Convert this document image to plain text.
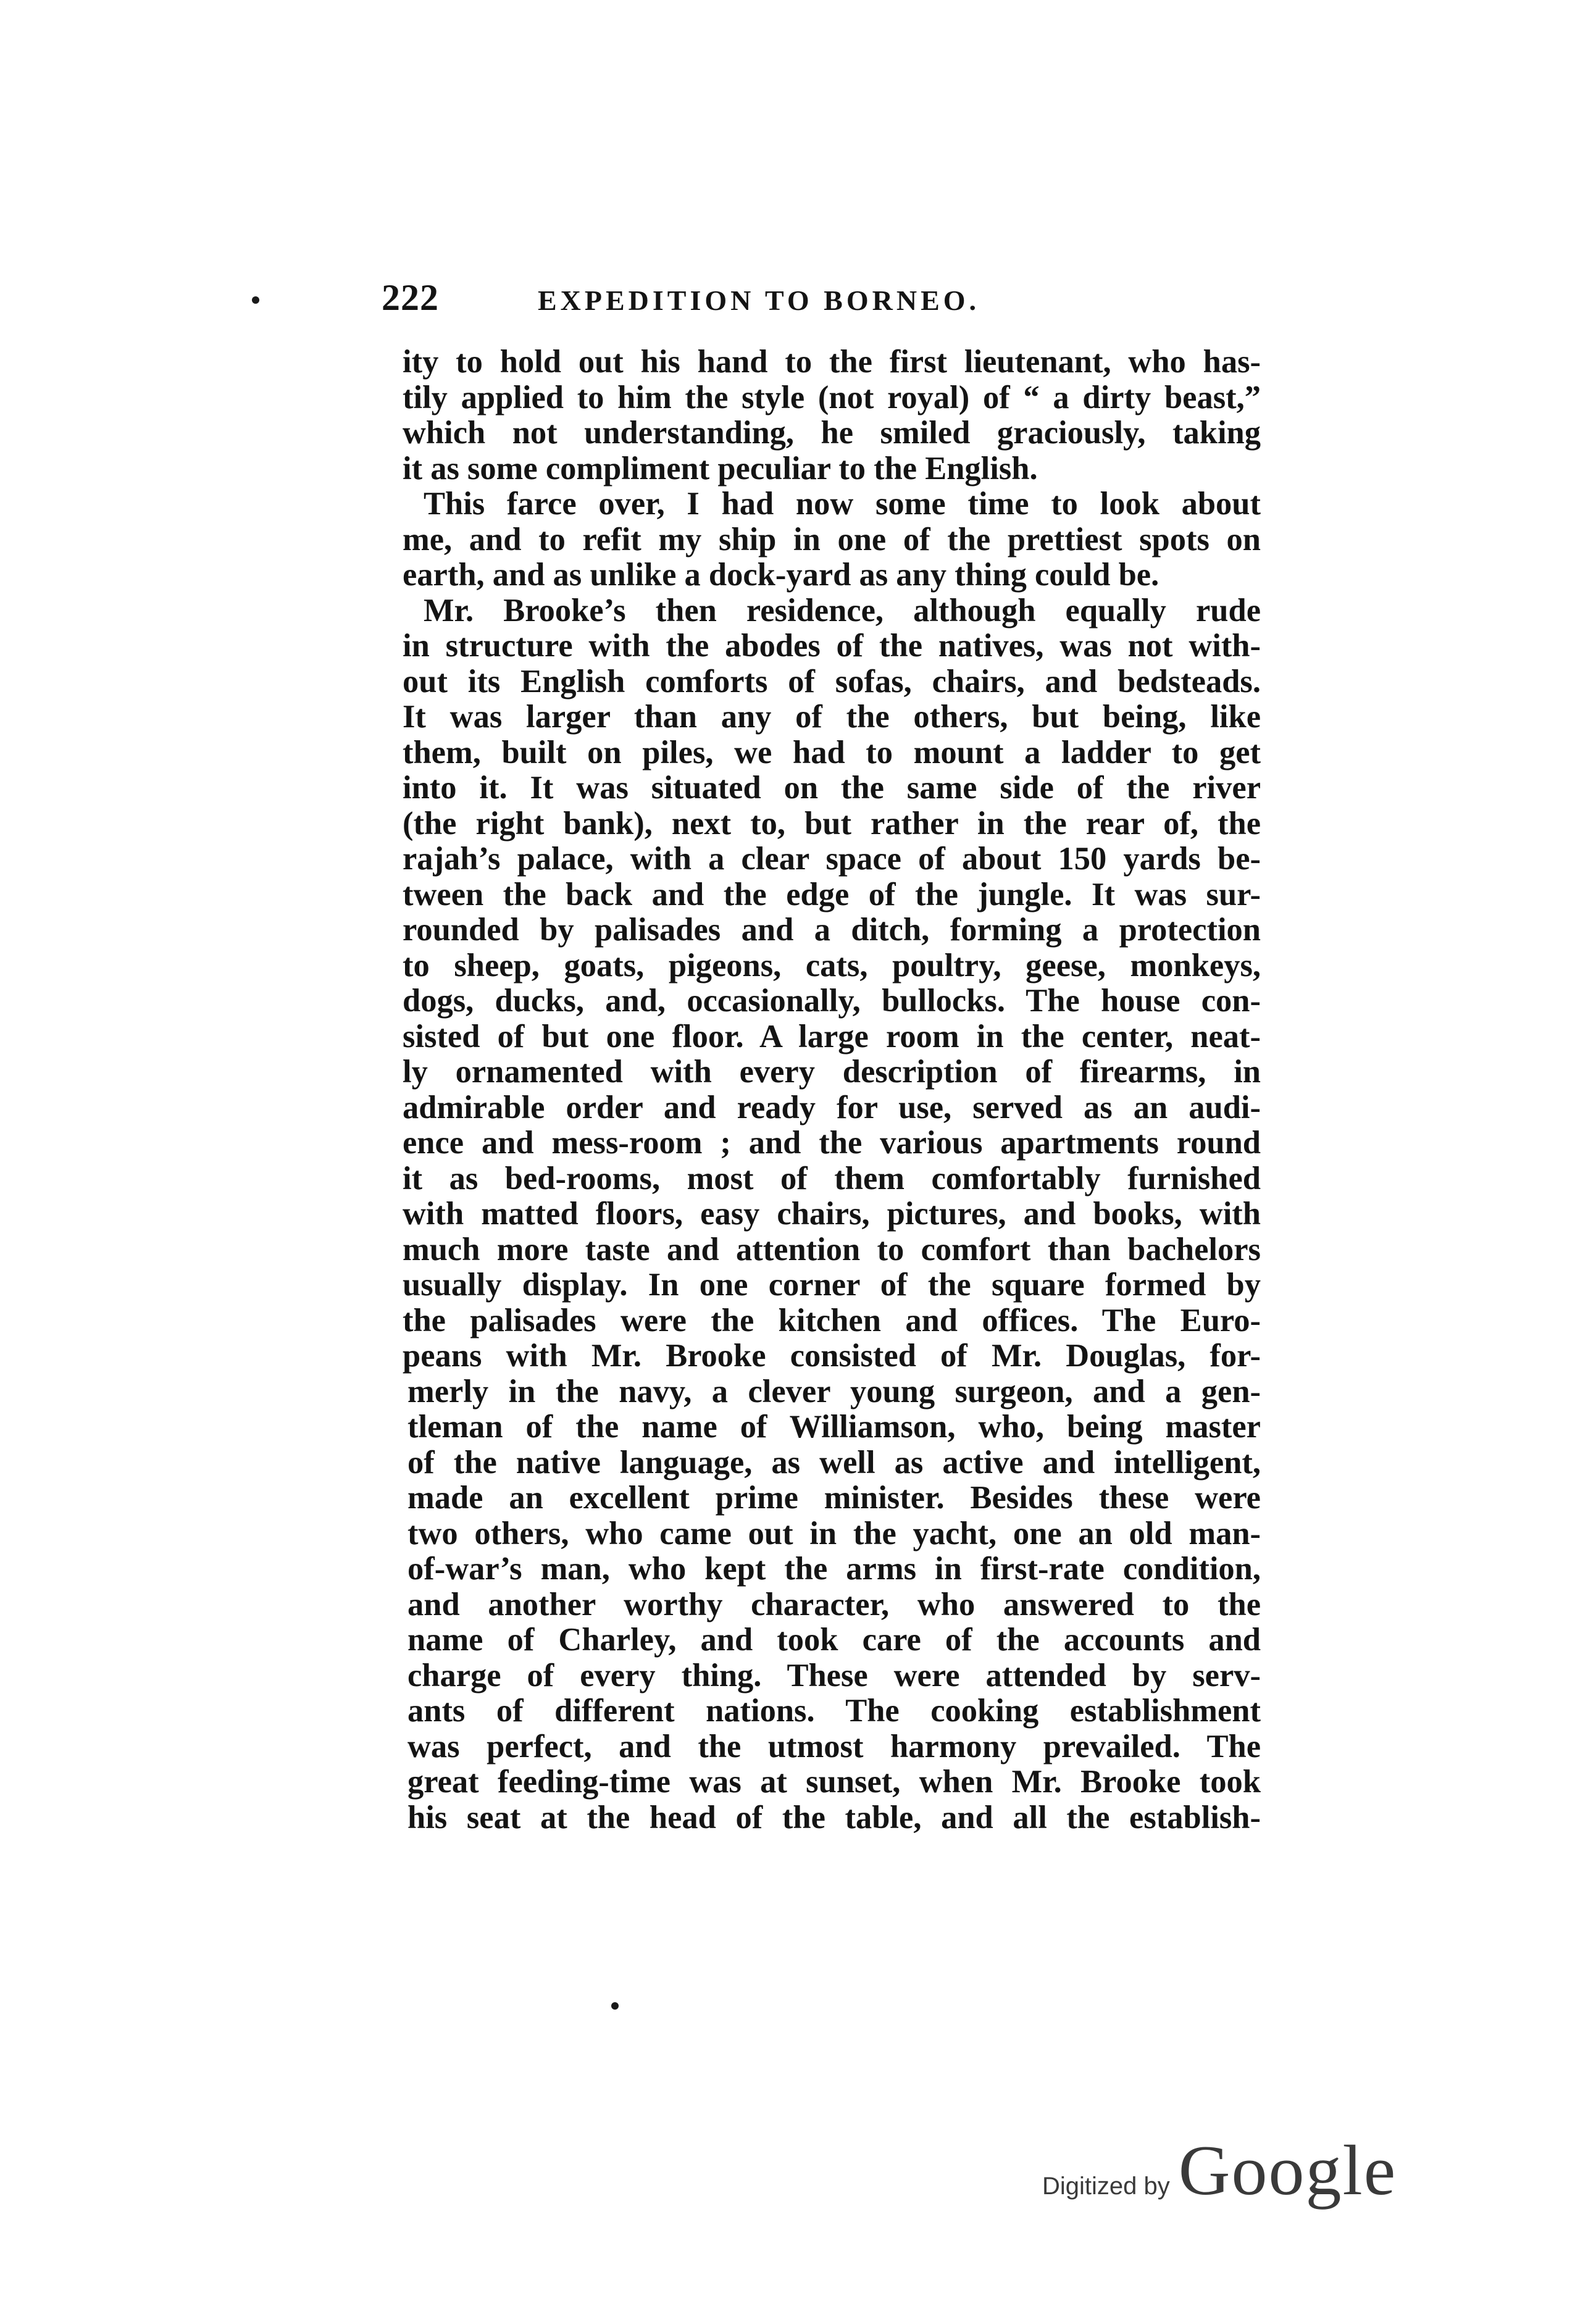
222	EXPEDITION TO BORNEO.
ity to hold out his hand to the first lieutenant, who has-
tily applied to him the style (not royal) of “ a dirty beast,”
which not understanding, he smiled graciously, taking
it as some compliment peculiar to the English.
This farce over, I had now some time to look about
me, and to refit my ship in one of the prettiest spots on
earth, and as unlike a dock-yard as any thing could be.
Mr. Brooke’s then residence, although equally rude
in structure with the abodes of the natives, was not with-
out its English comforts of sofas, chairs, and bedsteads.
It was larger than any of the others, but being, like
them, built on piles, we had to mount a ladder to get
into it. It was situated on the same side of the river
(the right bank), next to, but rather in the rear of, the
rajah’s palace, with a clear space of about 150 yards be-
tween the back and the edge of the jungle. It was sur-
rounded by palisades and a ditch, forming a protection
to sheep, goats, pigeons, cats, poultry, geese, monkeys,
dogs, ducks, and, occasionally, bullocks. The house con-
sisted of but one floor. A large room in the center, neat-
ly ornamented with every description of firearms, in
admirable order and ready for use, served as an audi-
ence and mess-room ; and the various apartments round
it as bed-rooms, most of them comfortably furnished
with matted floors, easy chairs, pictures, and books, with
much more taste and attention to comfort than bachelors
usually display. In one corner of the square formed by
the palisades were the kitchen and offices. The Euro-
peans with Mr. Brooke consisted of Mr. Douglas, for-
merly in the navy, a clever young surgeon, and a gen-
tleman of the name of Williamson, who, being master
of the native language, as well as active and intelligent,
made an excellent prime minister. Besides these were
two others, who came out in the yacht, one an old man-
of-war’s man, who kept the arms in first-rate condition,
and another worthy character, who answered to the
name of Charley, and took care of the accounts and
charge of every thing. These were attended by serv-
ants of different nations. The cooking establishment
was perfect, and the utmost harmony prevailed. The
great feeding-time was at sunset, when Mr. Brooke took
his seat at the head of the table, and all the establish-
Digitized by Google
